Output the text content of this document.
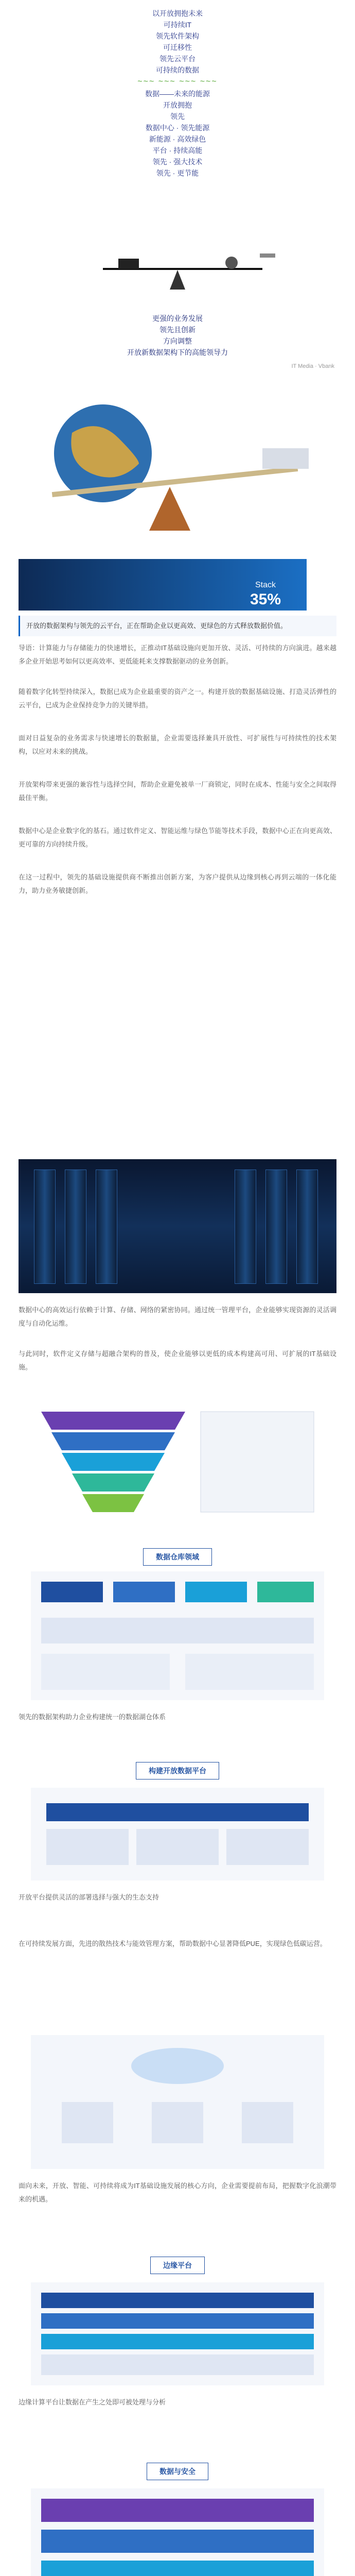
以开放拥抱未来
可持续IT
领先软件架构
可迁移性
领先云平台
可持续的数据
~~~ ~~~ ~~~ ~~~
数据——未来的能源
开放拥抱
领先
数据中心 · 领先能源
新能源 · 高效绿色
平台 · 持续高能
领先 · 强大技术
领先 · 更节能
更强的业务发展
领先且创新
方向调整
开放新数据架构下的高能领导力
IT Media · Vbank
Stack
35%
开放的数据架构与领先的云平台，正在帮助企业以更高效、更绿色的方式释放数据价值。
导语：计算能力与存储能力的快速增长，正推动IT基础设施向更加开放、灵活、可持续的方向演进。越来越多企业开始思考如何以更高效率、更低能耗来支撑数据驱动的业务创新。
随着数字化转型持续深入，数据已成为企业最重要的资产之一。构建开放的数据基础设施、打造灵活弹性的云平台，已成为企业保持竞争力的关键举措。
面对日益复杂的业务需求与快速增长的数据量，企业需要选择兼具开放性、可扩展性与可持续性的技术架构，以应对未来的挑战。
开放架构带来更强的兼容性与选择空间，帮助企业避免被单一厂商锁定，同时在成本、性能与安全之间取得最佳平衡。
数据中心是企业数字化的基石。通过软件定义、智能运维与绿色节能等技术手段，数据中心正在向更高效、更可靠的方向持续升级。
在这一过程中，领先的基础设施提供商不断推出创新方案，为客户提供从边缘到核心再到云端的一体化能力，助力业务敏捷创新。
数据中心的高效运行依赖于计算、存储、网络的紧密协同。通过统一管理平台，企业能够实现资源的灵活调度与自动化运维。
与此同时，软件定义存储与超融合架构的普及，使企业能够以更低的成本构建高可用、可扩展的IT基础设施。
数据仓库领域
领先的数据架构助力企业构建统一的数据湖仓体系
构建开放数据平台
开放平台提供灵活的部署选择与强大的生态支持
在可持续发展方面，先进的散热技术与能效管理方案，帮助数据中心显著降低PUE，实现绿色低碳运营。
面向未来，开放、智能、可持续将成为IT基础设施发展的核心方向，企业需要提前布局，把握数字化浪潮带来的机遇。
边缘平台
边缘计算平台让数据在产生之处即可被处理与分析
数据与安全
